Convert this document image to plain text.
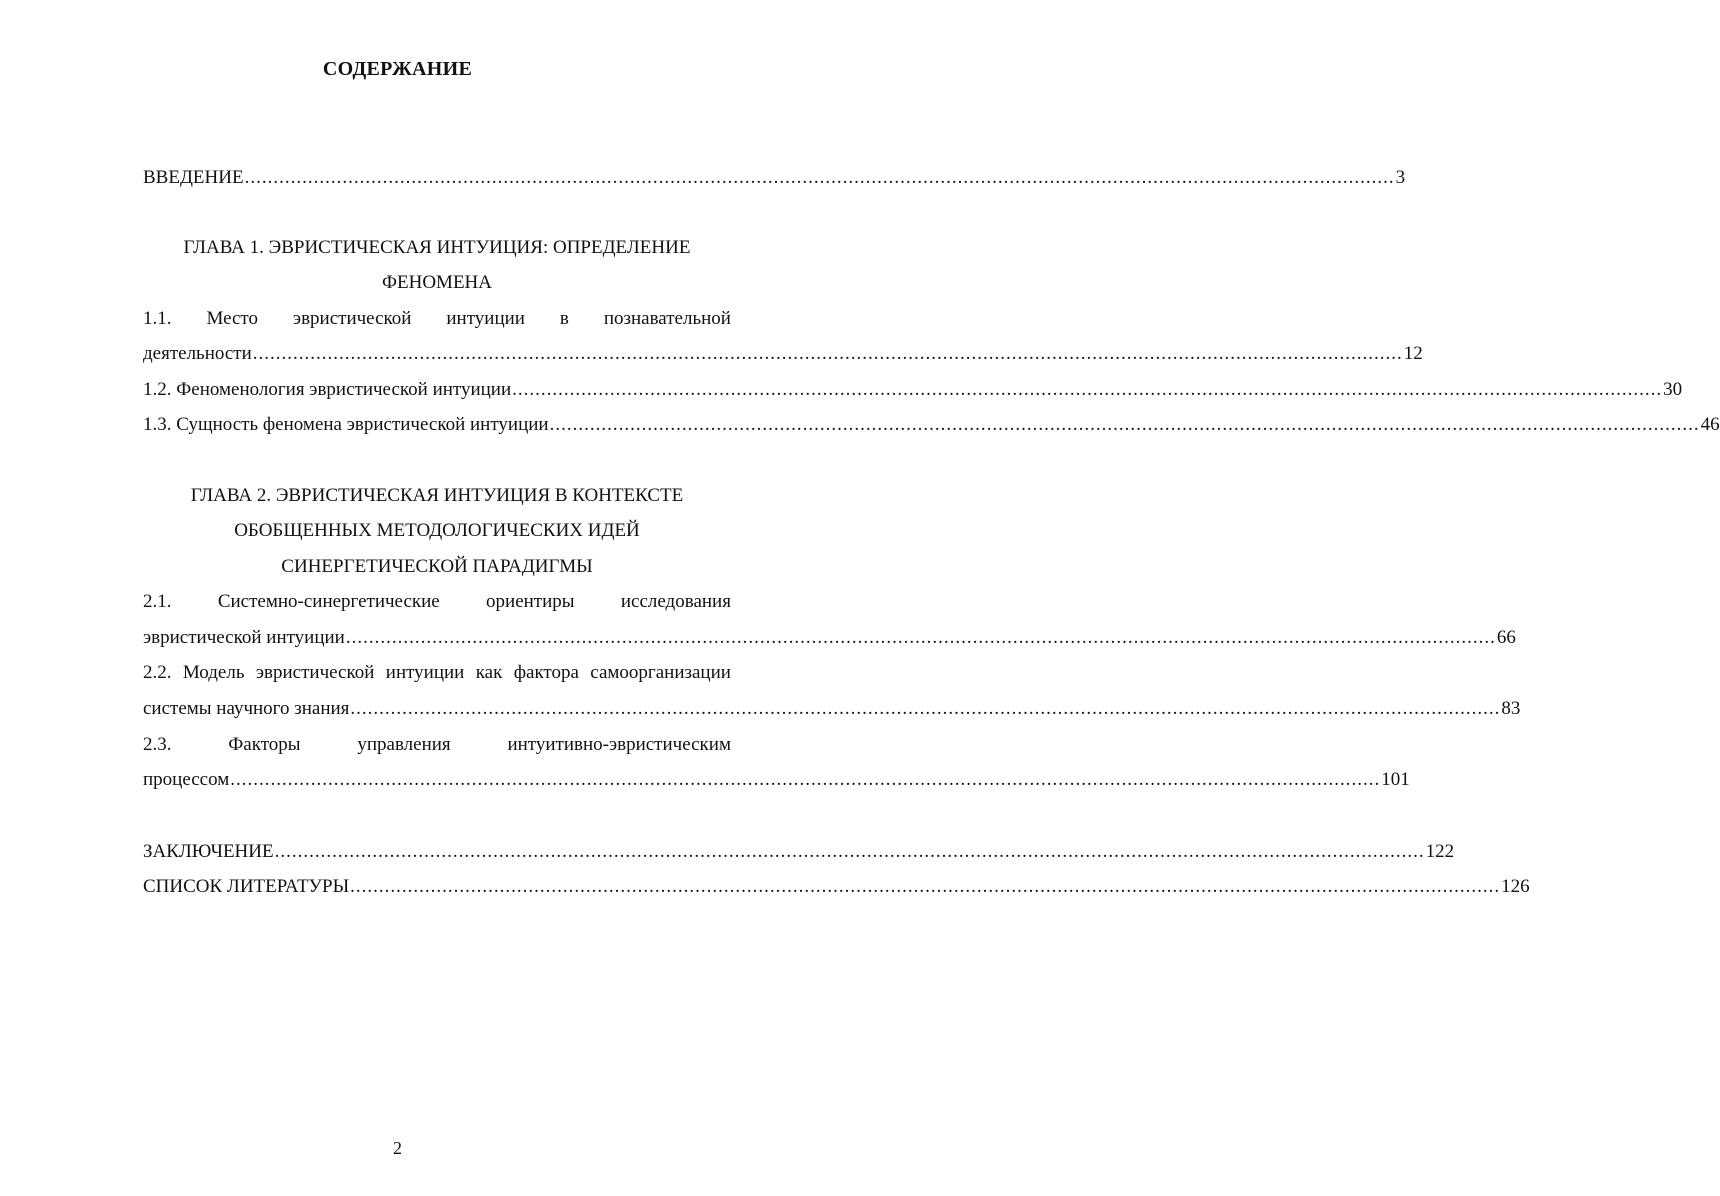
СОДЕРЖАНИЕ
ВВЕДЕНИЕ ........................................................................................................................................................................................................ 3
ГЛАВА 1. ЭВРИСТИЧЕСКАЯ ИНТУИЦИЯ: ОПРЕДЕЛЕНИЕ
ФЕНОМЕНА
1.1. Место эвристической интуиции в познавательной
деятельности ........................................................................................................................................................................................................ 12
1.2. Феноменология эвристической интуиции ........................................................................................................................................................................................................ 30
1.3. Сущность феномена эвристической интуиции ........................................................................................................................................................................................................ 46
ГЛАВА 2. ЭВРИСТИЧЕСКАЯ ИНТУИЦИЯ В КОНТЕКСТЕ
ОБОБЩЕННЫХ МЕТОДОЛОГИЧЕСКИХ ИДЕЙ
СИНЕРГЕТИЧЕСКОЙ ПАРАДИГМЫ
2.1. Системно-синергетические ориентиры исследования
эвристической интуиции ........................................................................................................................................................................................................ 66
2.2. Модель эвристической интуиции как фактора самоорганизации
системы научного знания ........................................................................................................................................................................................................ 83
2.3.	Факторы	управления	интуитивно-эвристическим
процессом ........................................................................................................................................................................................................ 101
ЗАКЛЮЧЕНИЕ ........................................................................................................................................................................................................ 122
СПИСОК ЛИТЕРАТУРЫ ........................................................................................................................................................................................................ 126
2
